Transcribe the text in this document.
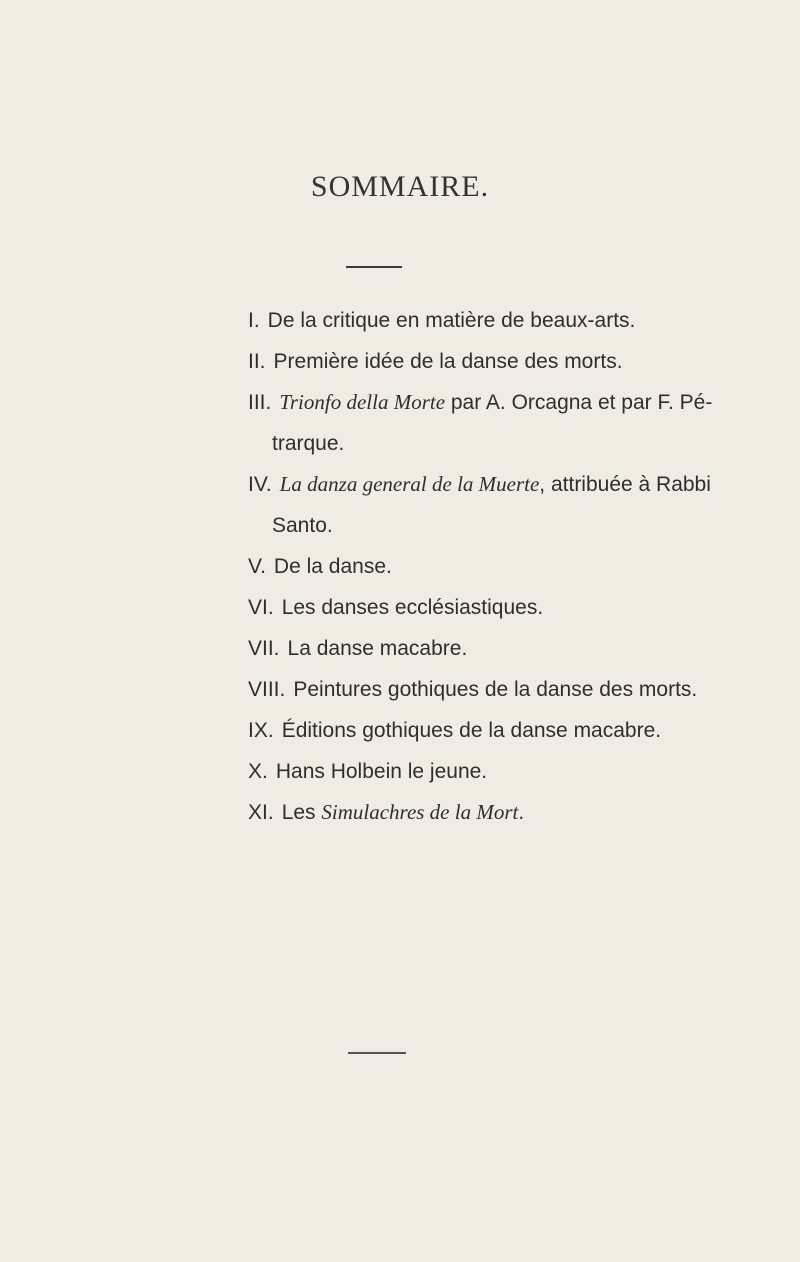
SOMMAIRE.
I. De la critique en matière de beaux-arts.
II. Première idée de la danse des morts.
III. Trionfo della Morte par A. Orcagna et par F. Pé-
trarque.
IV. La danza general de la Muerte, attribuée à Rabbi
Santo.
V. De la danse.
VI. Les danses ecclésiastiques.
VII. La danse macabre.
VIII. Peintures gothiques de la danse des morts.
IX. Éditions gothiques de la danse macabre.
X. Hans Holbein le jeune.
XI. Les Simulachres de la Mort.
